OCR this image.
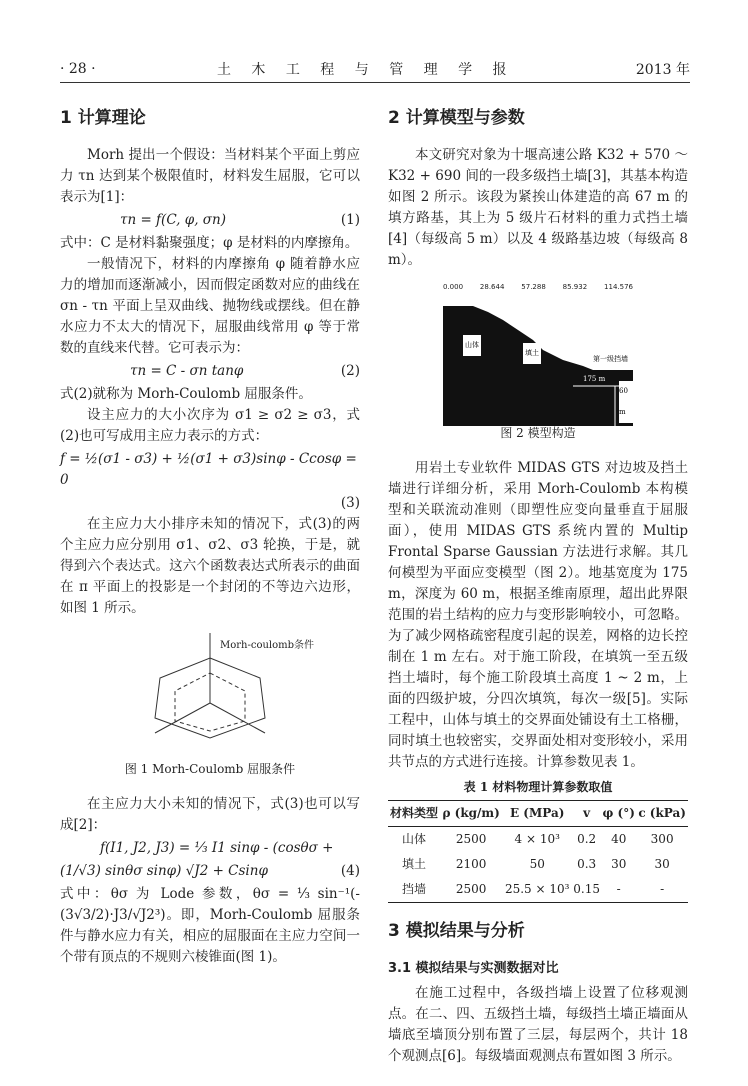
· 28 ·	土 木 工 程 与 管 理 学 报	2013 年
1 计算理论

Morh 提出一个假设：当材料某个平面上剪应力 τn 达到某个极限值时，材料发生屈服，它可以表示为[1]：

τn = f(C, φ, σn)	(1)

式中：C 是材料黏聚强度；φ 是材料的内摩擦角。

一般情况下，材料的内摩擦角 φ 随着静水应力的增加而逐渐减小，因而假定函数对应的曲线在 σn - τn 平面上呈双曲线、抛物线或摆线。但在静水应力不太大的情况下，屈服曲线常用 φ 等于常数的直线来代替。它可表示为：

τn = C - σn tanφ	(2)

式(2)就称为 Morh-Coulomb 屈服条件。

设主应力的大小次序为 σ1 ≥ σ2 ≥ σ3，式(2)也可写成用主应力表示的方式：

f = ½(σ1 - σ3) + ½(σ1 + σ3)sinφ - Ccosφ = 0
(3)

在主应力大小排序未知的情况下，式(3)的两个主应力应分别用 σ1、σ2、σ3 轮换，于是，就得到六个表达式。这六个函数表达式所表示的曲面在 π 平面上的投影是一个封闭的不等边六边形，如图 1 所示。

Morh-coulomb条件
图 1 Morh-Coulomb 屈服条件

在主应力大小未知的情况下，式(3)也可以写成[2]：

f(I1, J2, J3) = ⅓ I1 sinφ - (cosθσ +
(1/√3) sinθσ sinφ) √J2 + Csinφ	(4)

式中：θσ 为 Lode 参数，θσ = ⅓ sin⁻¹(-(3√3/2)·J3/√J2³)。即，Morh-Coulomb 屈服条件与静水应力有关，相应的屈服面在主应力空间一个带有顶点的不规则六棱锥面(图 1)。

2 计算模型与参数

本文研究对象为十堰高速公路 K32 + 570 ～ K32 + 690 间的一段多级挡土墙[3]，其基本构造如图 2 所示。该段为紧挨山体建造的高 67 m 的填方路基，其上为 5 级片石材料的重力式挡土墙[4]（每级高 5 m）以及 4 级路基边坡（每级高 8 m）。

0.000 28.644 57.288 85.932 114.576
第四级护坡
第三级护坡
第二级护坡
第一级护坡
第五级挡墙
第一级挡墙
山体
填土
175 m
60 m
图 2 模型构造

用岩土专业软件 MIDAS GTS 对边坡及挡土墙进行详细分析，采用 Morh-Coulomb 本构模型和关联流动准则（即塑性应变向量垂直于屈服面），使用 MIDAS GTS 系统内置的 Multip Frontal Sparse Gaussian 方法进行求解。其几何模型为平面应变模型（图 2）。地基宽度为 175 m，深度为 60 m，根据圣维南原理，超出此界限范围的岩土结构的应力与变形影响较小，可忽略。为了减少网格疏密程度引起的误差，网格的边长控制在 1 m 左右。对于施工阶段，在填筑一至五级挡土墙时，每个施工阶段填土高度 1 ~ 2 m，上面的四级护坡，分四次填筑，每次一级[5]。实际工程中，山体与填土的交界面处铺设有土工格栅，同时填土也较密实，交界面处相对变形较小，采用共节点的方式进行连接。计算参数见表 1。

表 1 材料物理计算参数取值
材料类型	ρ (kg/m)	E (MPa)	v	φ (°)	c (kPa)
山体	2500	4 × 10³	0.2	40	300
填土	2100	50	0.3	30	30
挡墙	2500	25.5 × 10³	0.15	-	-
3 模拟结果与分析
3.1 模拟结果与实测数据对比

在施工过程中，各级挡墙上设置了位移观测点。在二、四、五级挡土墙，每级挡土墙正墙面从墙底至墙顶分别布置了三层，每层两个，共计 18 个观测点[6]。每级墙面观测点布置如图 3 所示。
